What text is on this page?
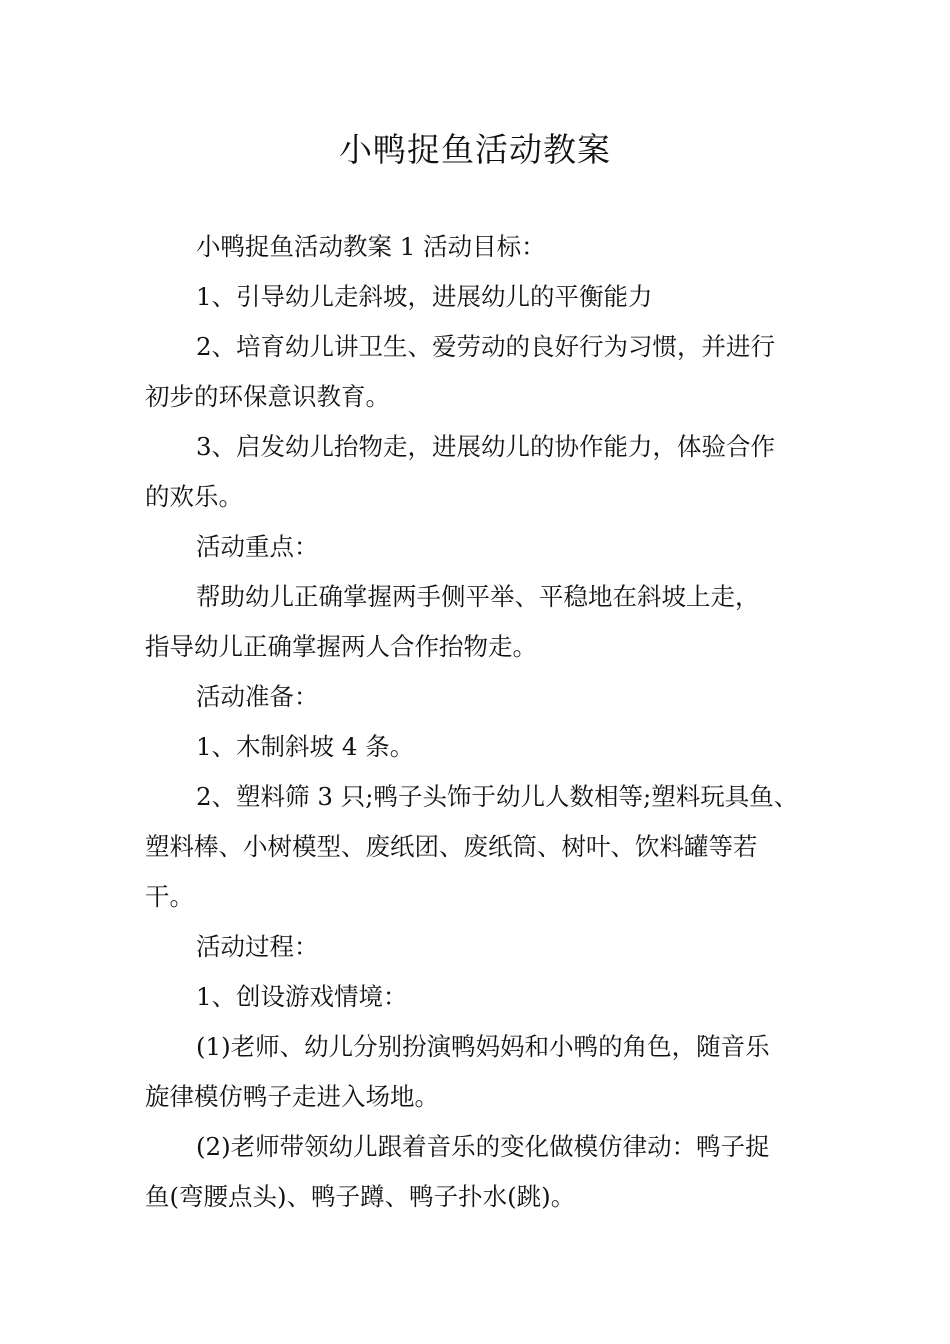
小鸭捉鱼活动教案

小鸭捉鱼活动教案 1 活动目标：

1、引导幼儿走斜坡，进展幼儿的平衡能力

2、培育幼儿讲卫生、爱劳动的良好行为习惯，并进行
初步的环保意识教育。

3、启发幼儿抬物走，进展幼儿的协作能力，体验合作
的欢乐。

活动重点：

帮助幼儿正确掌握两手侧平举、平稳地在斜坡上走，
指导幼儿正确掌握两人合作抬物走。

活动准备：

1、木制斜坡 4 条。

2、塑料筛 3 只;鸭子头饰于幼儿人数相等;塑料玩具鱼、
塑料棒、小树模型、废纸团、废纸筒、树叶、饮料罐等若
干。

活动过程：

1、创设游戏情境：

(1)老师、幼儿分别扮演鸭妈妈和小鸭的角色，随音乐
旋律模仿鸭子走进入场地。

(2)老师带领幼儿跟着音乐的变化做模仿律动：鸭子捉
鱼(弯腰点头)、鸭子蹲、鸭子扑水(跳)。
